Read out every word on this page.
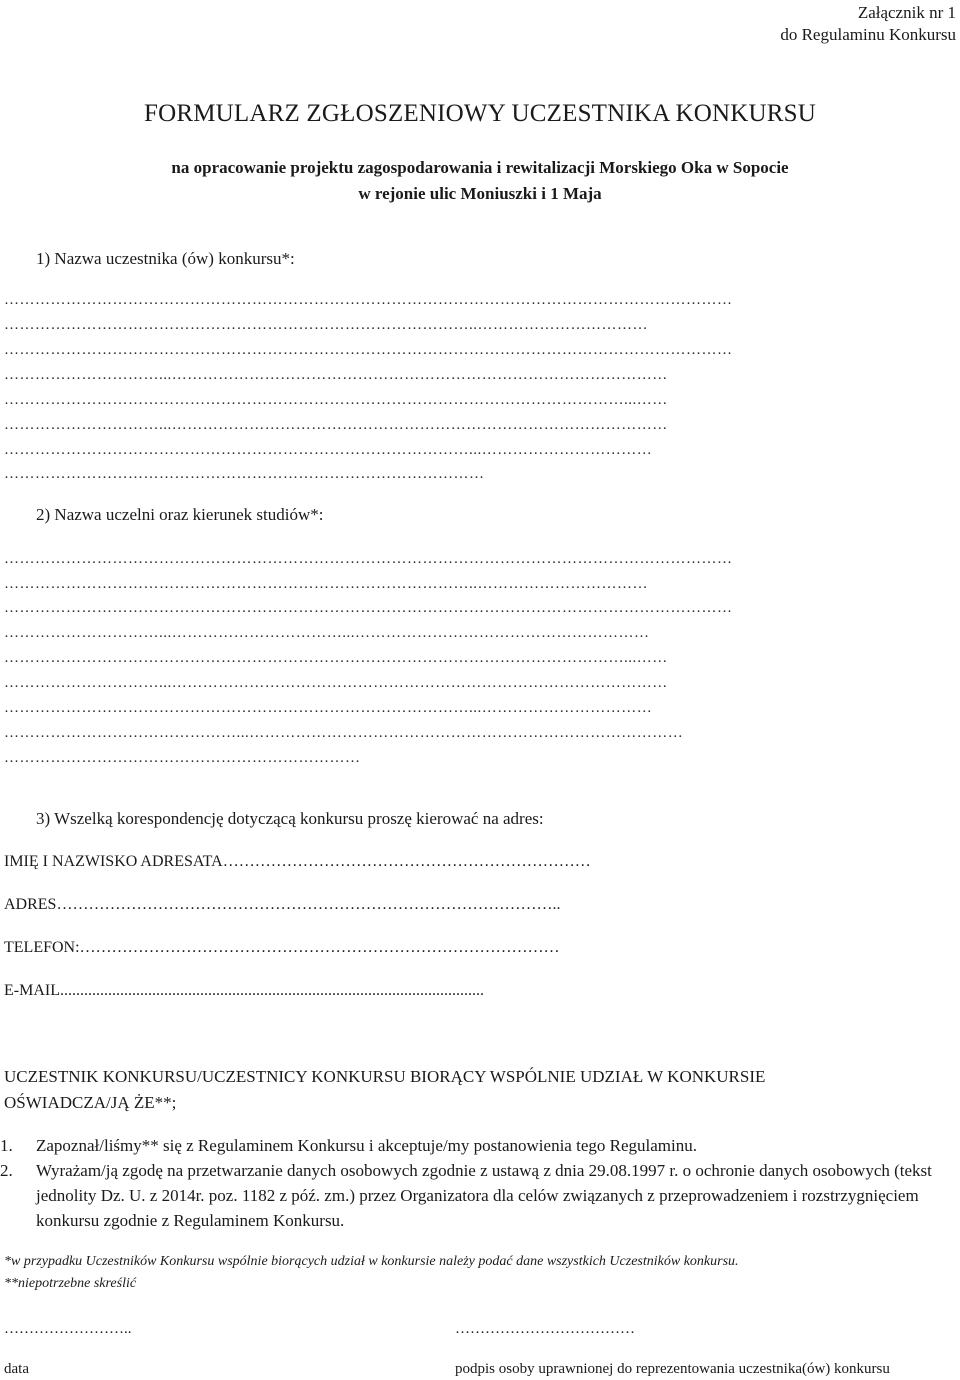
Załącznik nr 1
do Regulaminu Konkursu
FORMULARZ ZGŁOSZENIOWY UCZESTNIKA KONKURSU
na opracowanie projektu zagospodarowania i rewitalizacji Morskiego Oka w Sopocie
w rejonie ulic Moniuszki i 1 Maja
1) Nazwa uczestnika (ów) konkursu*:
……………………………………………………………………………………………………………………………
………………………………………………………………………………..……………………………
……………………………………………………………………………………………………………………………
…………………………...……………………………………………………………………………………
…………………………………………………………………………………………………………...……
…………………………...……………………………………………………………………………………
………………………………………………………………………………...……………………………
…………………………………………………………………………………
2) Nazwa uczelni oraz kierunek studiów*:
……………………………………………………………………………………………………………………………
………………………………………………………………………………..……………………………
……………………………………………………………………………………………………………………………
…………………………...……………………………...…………………………………………………
…………………………………………………………………………………………………………...……
…………………………...……………………………………………………………………………………
………………………………………………………………………………...……………………………
………………………………………...…………………………………………………………………………
……………………………………………………………
3) Wszelką korespondencję dotyczącą konkursu proszę kierować na adres:
IMIĘ I NAZWISKO ADRESATA……………………………………………………………
ADRES…………………………………………………………………………………..
TELEFON:………………………………………………………………………………
E-MAIL..........................................................................................................
UCZESTNIK KONKURSU/UCZESTNICY KONKURSU BIORĄCY WSPÓLNIE UDZIAŁ W KONKURSIE
OŚWIADCZA/JĄ ŻE**;
1. Zapoznał/liśmy** się z Regulaminem Konkursu i akceptuje/my postanowienia tego Regulaminu.
2. Wyrażam/ją zgodę na przetwarzanie danych osobowych zgodnie z ustawą z dnia 29.08.1997 r. o ochronie danych osobowych (tekst jednolity Dz. U. z 2014r. poz. 1182 z póź. zm.) przez Organizatora dla celów związanych z przeprowadzeniem i rozstrzygnięciem konkursu zgodnie z Regulaminem Konkursu.
*w przypadku Uczestników Konkursu wspólnie biorących udział w konkursie należy podać dane wszystkich Uczestników konkursu.
**niepotrzebne skreślić
……………………..	………………………………
data	podpis osoby uprawnionej do reprezentowania uczestnika(ów) konkursu
